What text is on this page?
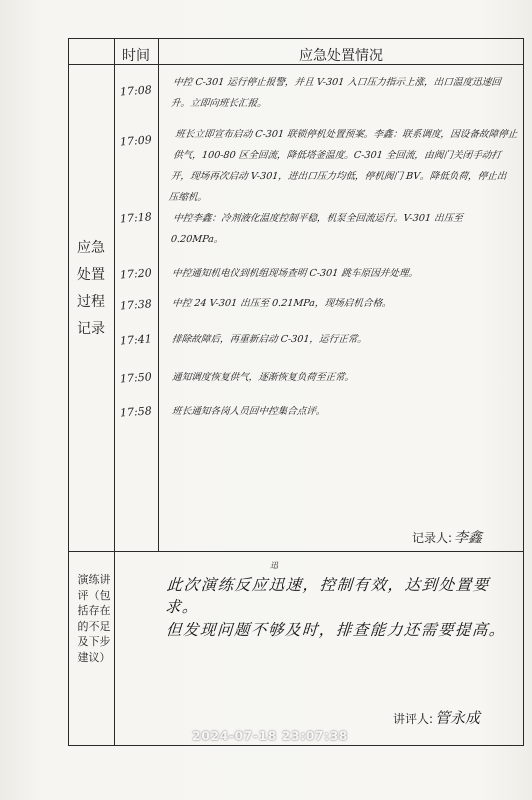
时间	应急处置情况
应急
处置
过程
记录
17:08
17:09
17:18
17:20
17:38
17:41
17:50
17:58
中控 C-301 运行停止报警，并且 V-301 入口压力指示上涨，出口温度迅速回升。立即向班长汇报。
班长立即宣布启动 C-301 联锁停机处置预案。李鑫：联系调度，因设备故障停止供气，100-80 区全回流，降低塔釜温度。C-301 全回流，由阀门关闭手动打开，现场再次启动 V-301，进出口压力均低，停机阀门 BV。降低负荷，停止出压缩机。
中控李鑫：冷剂液化温度控制平稳，机泵全回流运行。V-301 出压至 0.20MPa。
中控通知机电仪到机组现场查明 C-301 跳车原因并处理。
中控 24 V-301 出压至 0.21MPa，现场启机合格。
排除故障后，再重新启动 C-301，运行正常。
通知调度恢复供气，逐渐恢复负荷至正常。
班长通知各岗人员回中控集合点评。
记录人: 李鑫
演练讲评（包括存在的不足及下步建议）
迅
此次演练反应迅速，控制有效，达到处置要求。
但发现问题不够及时，排查能力还需要提高。
讲评人: 管永成
2024-07-18 23:07:38
